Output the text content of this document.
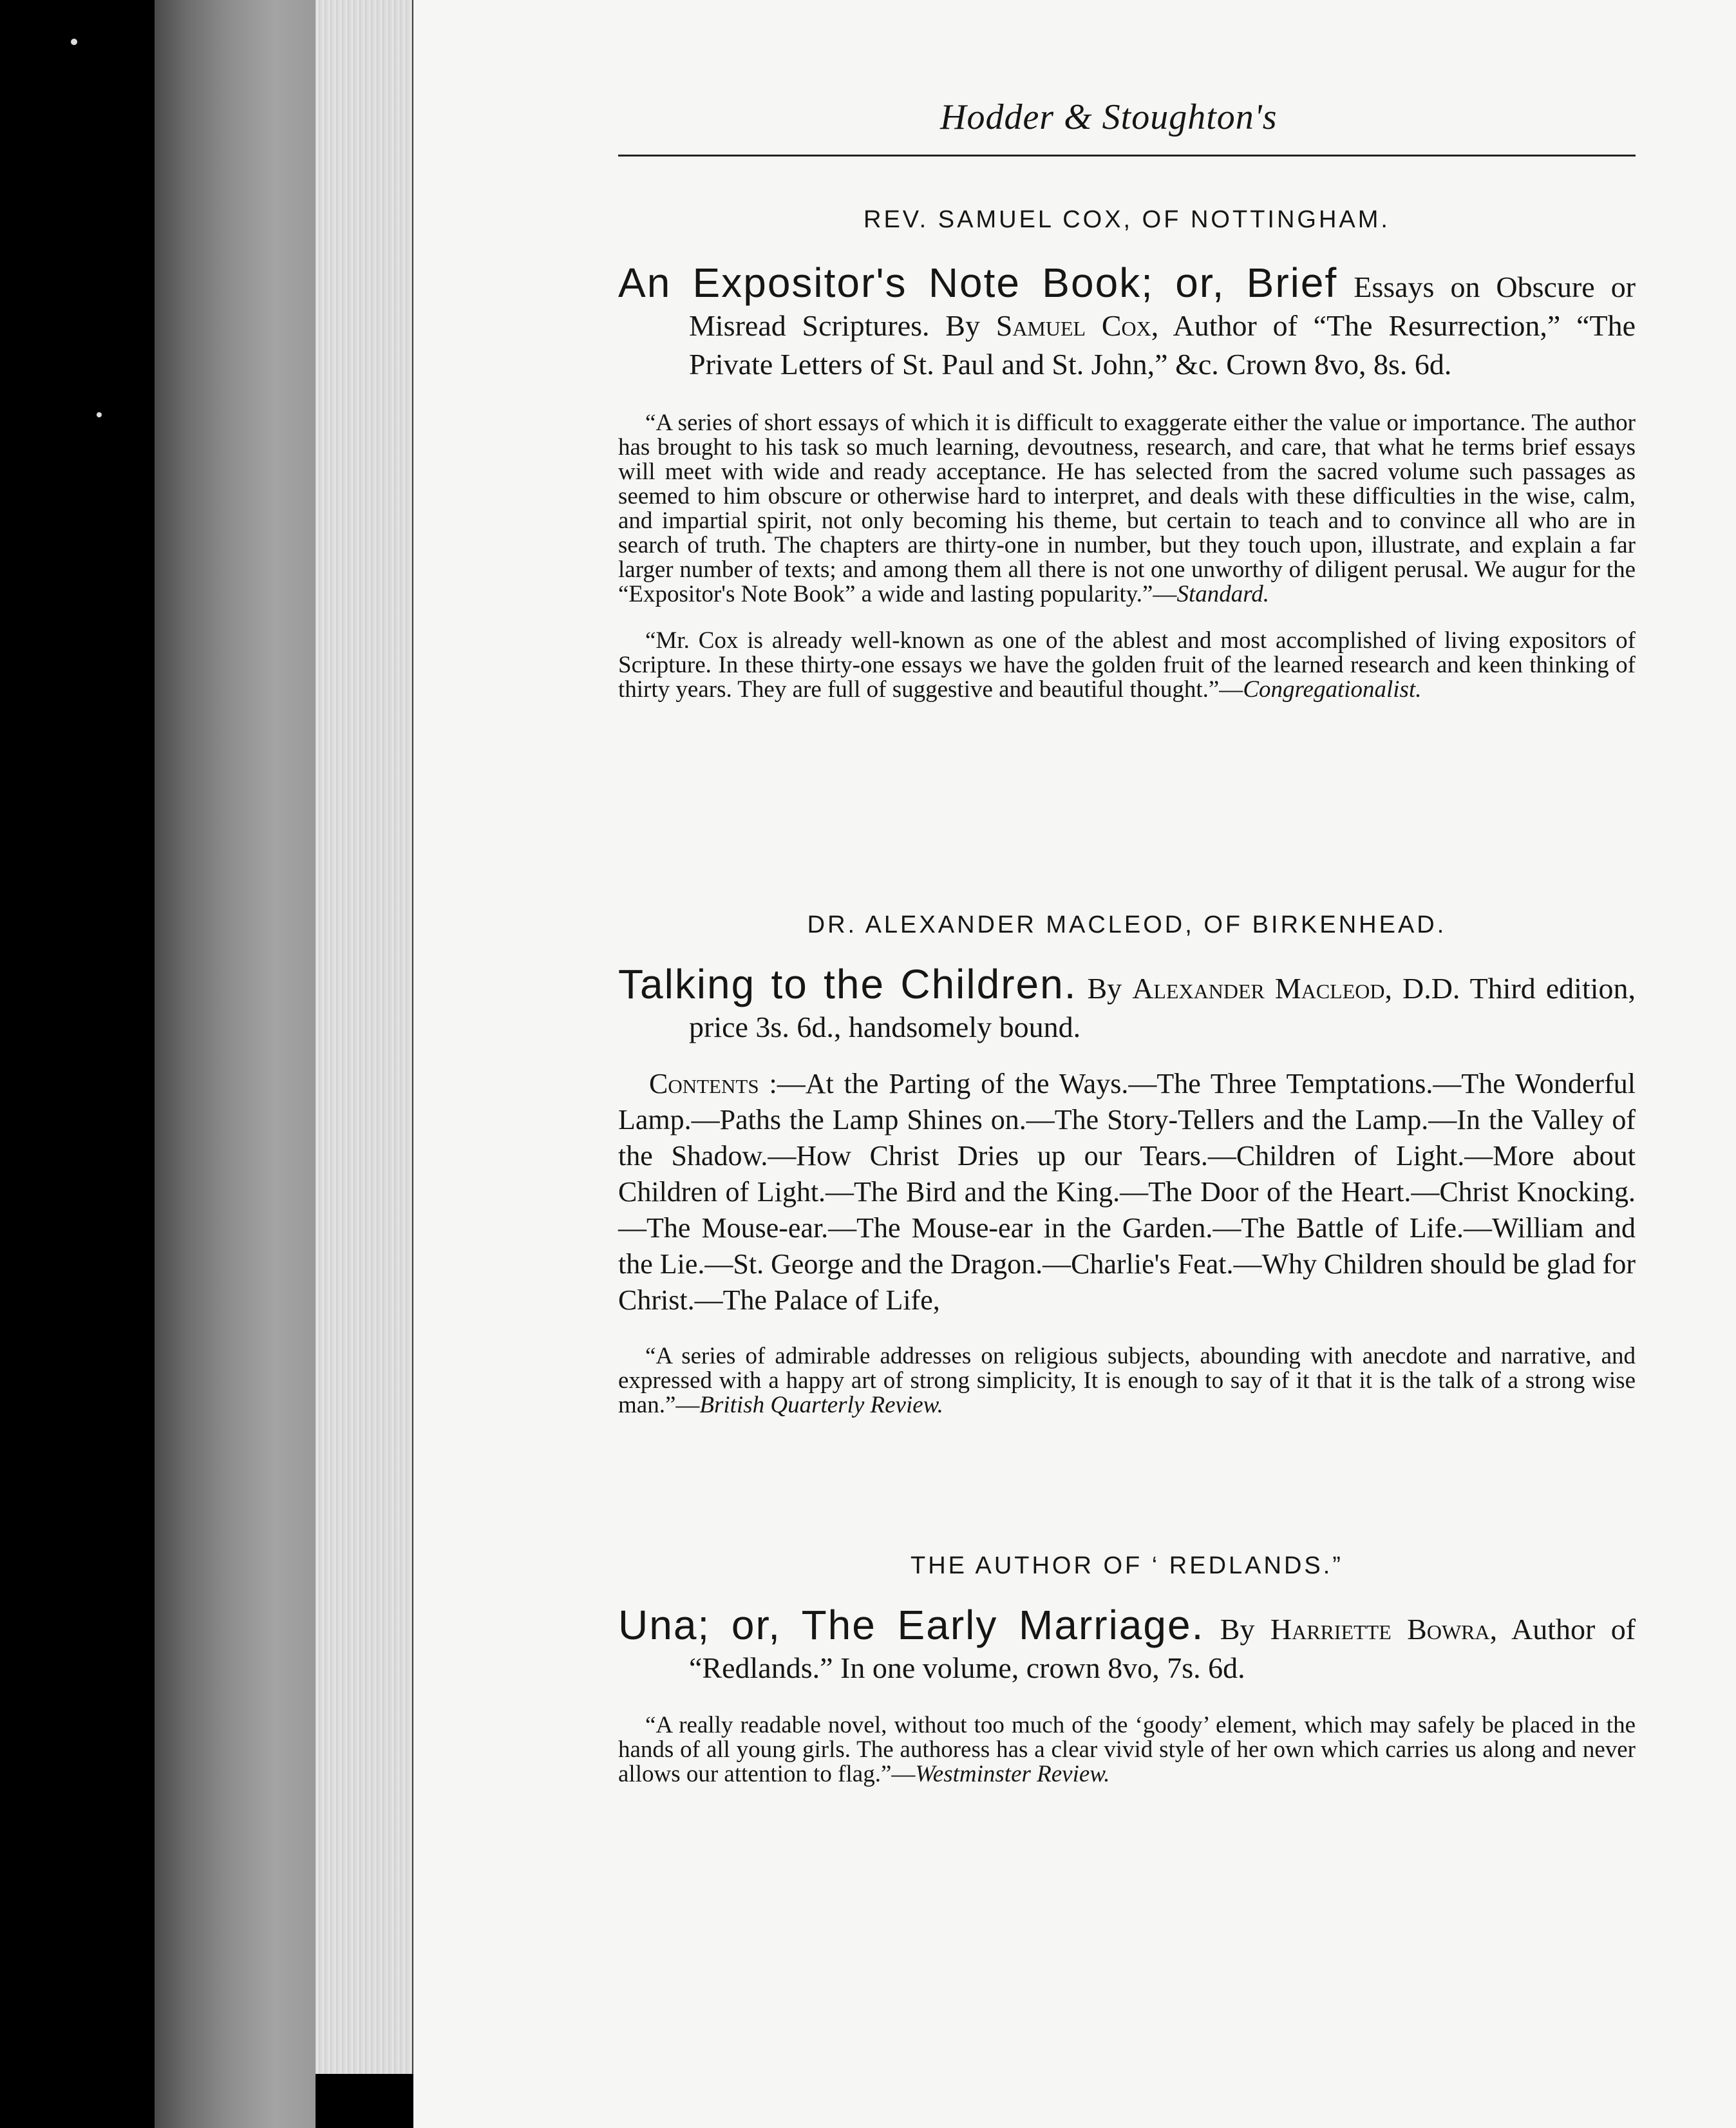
Hodder & Stoughton's

REV. SAMUEL COX, OF NOTTINGHAM.

An Expositor's Note Book; or, Brief Essays on Obscure or Misread Scriptures. By Samuel Cox, Author of “The Resurrection,” “The Private Letters of St. Paul and St. John,” &c. Crown 8vo, 8s. 6d.

“A series of short essays of which it is difficult to exaggerate either the value or importance. The author has brought to his task so much learning, devoutness, research, and care, that what he terms brief essays will meet with wide and ready acceptance. He has selected from the sacred volume such passages as seemed to him obscure or otherwise hard to interpret, and deals with these difficulties in the wise, calm, and impartial spirit, not only becoming his theme, but certain to teach and to convince all who are in search of truth. The chapters are thirty-one in number, but they touch upon, illustrate, and explain a far larger number of texts; and among them all there is not one unworthy of diligent perusal. We augur for the “Expositor's Note Book” a wide and lasting popularity.”—Standard.

“Mr. Cox is already well-known as one of the ablest and most accomplished of living expositors of Scripture. In these thirty-one essays we have the golden fruit of the learned research and keen thinking of thirty years. They are full of suggestive and beautiful thought.”—Congregationalist.

DR. ALEXANDER MACLEOD, OF BIRKENHEAD.

Talking to the Children. By Alexander Macleod, D.D. Third edition, price 3s. 6d., handsomely bound.

Contents :—At the Parting of the Ways.—The Three Temptations.—The Wonderful Lamp.—Paths the Lamp Shines on.—The Story-Tellers and the Lamp.—In the Valley of the Shadow.—How Christ Dries up our Tears.—Children of Light.—More about Children of Light.—The Bird and the King.—The Door of the Heart.—Christ Knocking.—The Mouse-ear.—The Mouse-ear in the Garden.—The Battle of Life.—William and the Lie.—St. George and the Dragon.—Charlie's Feat.—Why Children should be glad for Christ.—The Palace of Life,

“A series of admirable addresses on religious subjects, abounding with anecdote and narrative, and expressed with a happy art of strong simplicity, It is enough to say of it that it is the talk of a strong wise man.”—British Quarterly Review.

THE AUTHOR OF ‘ REDLANDS.”

Una; or, The Early Marriage. By Harriette Bowra, Author of “Redlands.” In one volume, crown 8vo, 7s. 6d.

“A really readable novel, without too much of the ‘goody’ element, which may safely be placed in the hands of all young girls. The authoress has a clear vivid style of her own which carries us along and never allows our attention to flag.”—Westminster Review.
